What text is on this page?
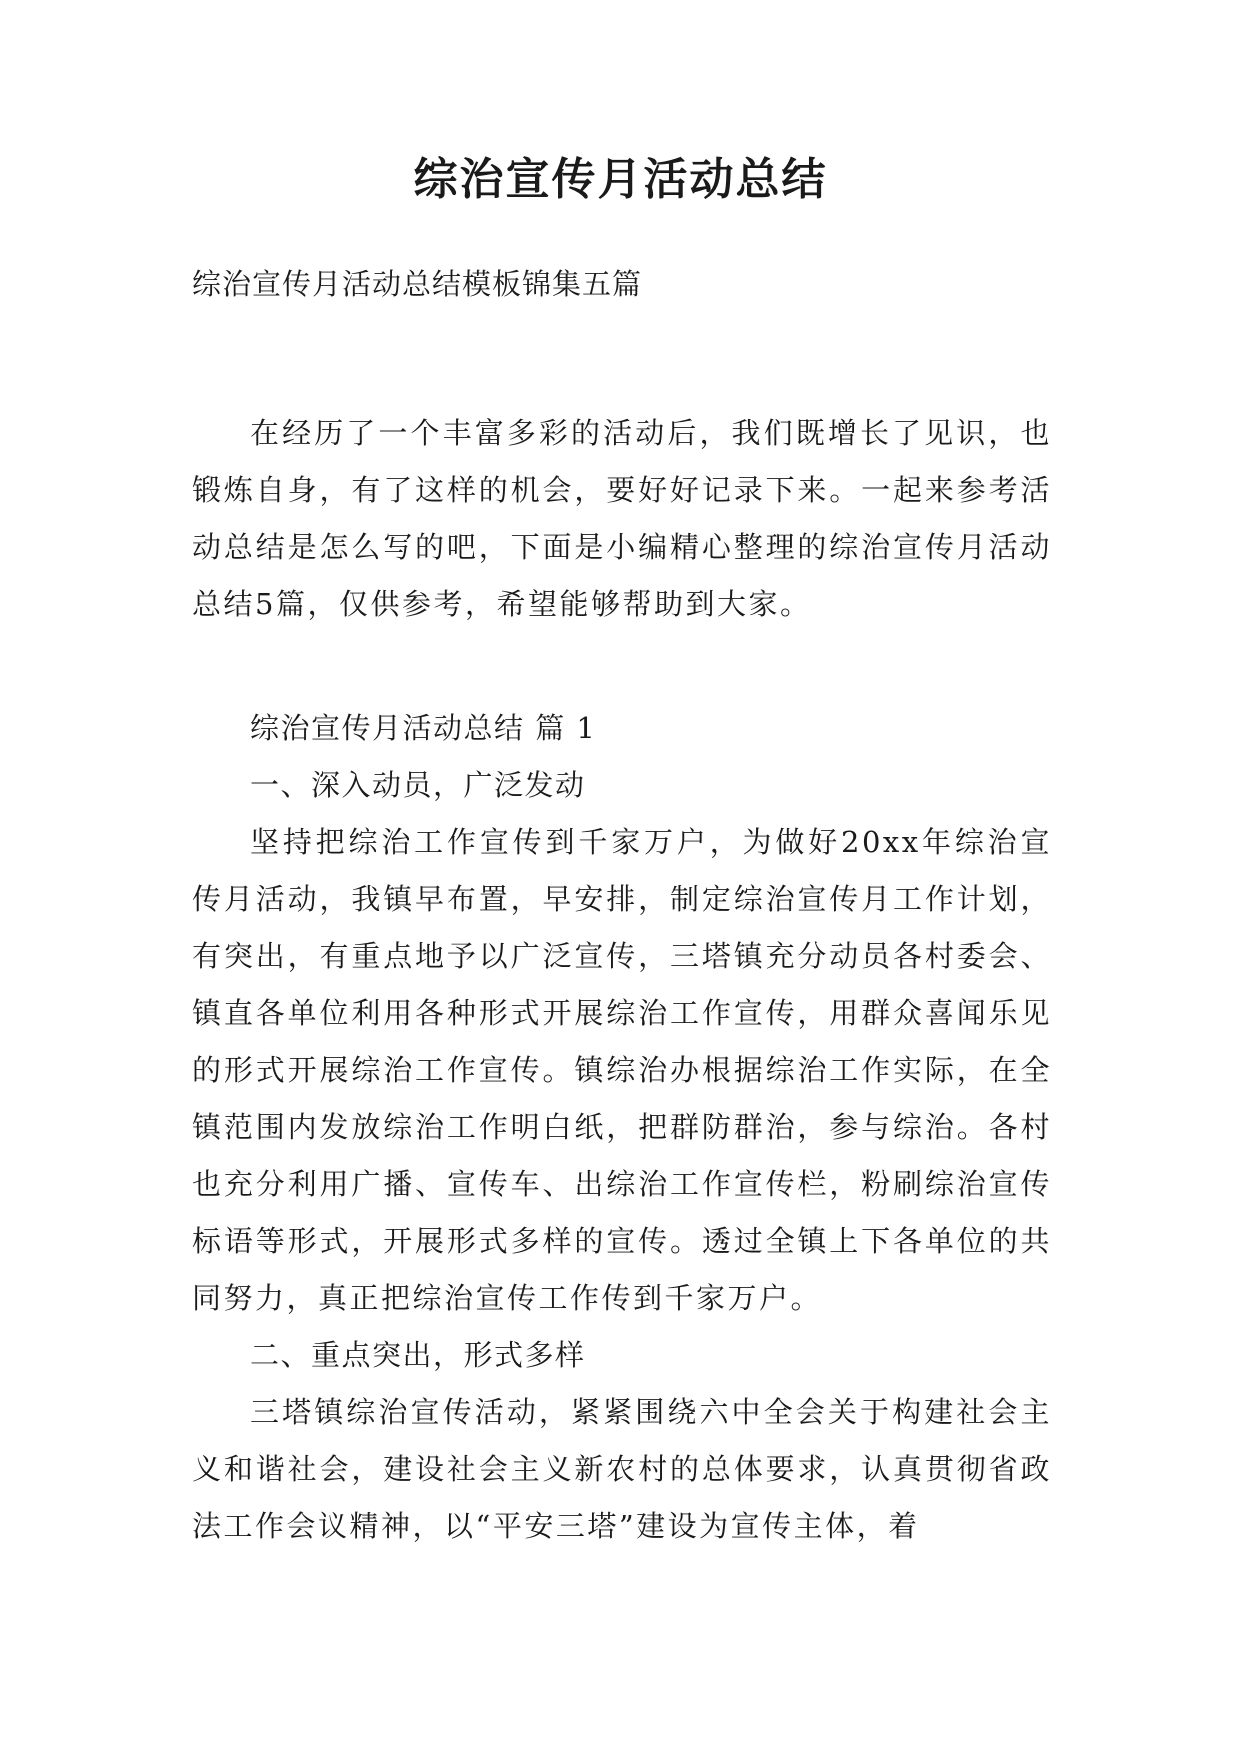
综治宣传月活动总结
综治宣传月活动总结模板锦集五篇

在经历了一个丰富多彩的活动后，我们既增长了见识，也锻炼自身，有了这样的机会，要好好记录下来。一起来参考活动总结是怎么写的吧，下面是小编精心整理的综治宣传月活动总结5篇，仅供参考，希望能够帮助到大家。

综治宣传月活动总结 篇 1
一、深入动员，广泛发动

坚持把综治工作宣传到千家万户，为做好20xx年综治宣传月活动，我镇早布置，早安排，制定综治宣传月工作计划，有突出，有重点地予以广泛宣传，三塔镇充分动员各村委会、镇直各单位利用各种形式开展综治工作宣传，用群众喜闻乐见的形式开展综治工作宣传。镇综治办根据综治工作实际，在全镇范围内发放综治工作明白纸，把群防群治，参与综治。各村也充分利用广播、宣传车、出综治工作宣传栏，粉刷综治宣传标语等形式，开展形式多样的宣传。透过全镇上下各单位的共同努力，真正把综治宣传工作传到千家万户。

二、重点突出，形式多样

三塔镇综治宣传活动，紧紧围绕六中全会关于构建社会主义和谐社会，建设社会主义新农村的总体要求，认真贯彻省政法工作会议精神，以“平安三塔”建设为宣传主体，着
